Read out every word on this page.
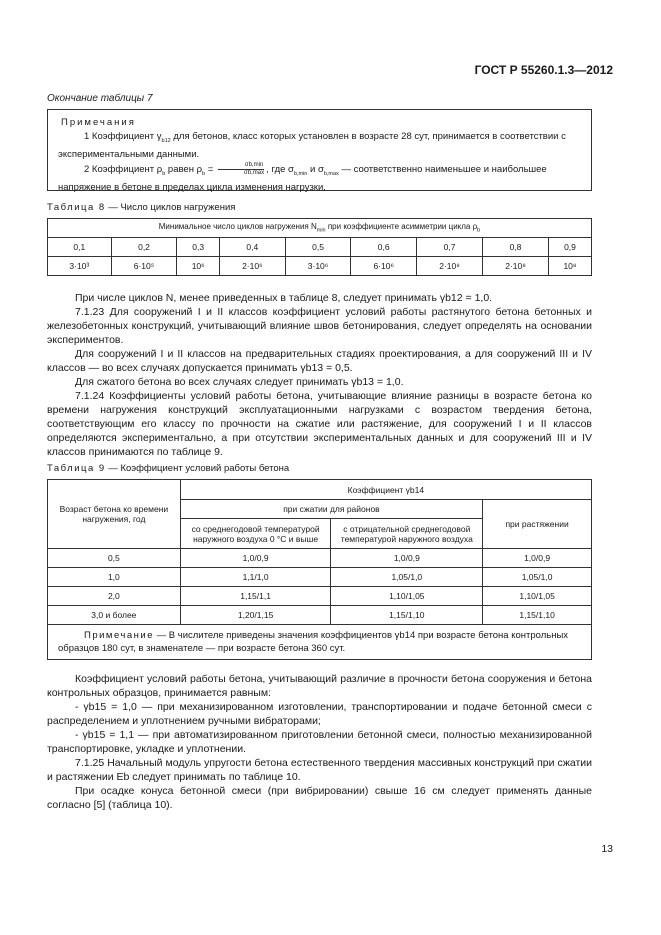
ГОСТ Р 55260.1.3—2012
Окончание таблицы 7
Примечания

1 Коэффициент $\gamma_{b12}$ для бетонов, класс которых установлен в возрасте 28 сут, принимается в соответствии с экспериментальными данными.

2 Коэффициент $\rho_b$ равен $\rho_b = \frac{\sigma b,\min}{\sigma b,\max}$ , где $\sigma_{b,min}$ и $\sigma_{b,max}$ — соответственно наименьшее и наибольшее напряжение в бетоне в пределах цикла изменения нагрузки.

Таблица 8 — Число циклов нагружения
Минимальное число циклов нагружения $N_{min}$ при коэффициенте асимметрии цикла $\rho_b$
0,1	0,2	0,3	0,4	0,5	0,6	0,7	0,8	0,9
3·10³	6·10⁵	10⁶	2·10⁶	3·10⁶	6·10⁶	2·10⁸	2·10⁸	10⁸

При числе циклов N, менее приведенных в таблице 8, следует принимать γb12 = 1,0.

7.1.23 Для сооружений I и II классов коэффициент условий работы растянутого бетона бетонных и железобетонных конструкций, учитывающий влияние швов бетонирования, следует определять на основании экспериментов.

Для сооружений I и II классов на предварительных стадиях проектирования, а для сооружений III и IV классов — во всех случаях допускается принимать γb13 = 0,5.

Для сжатого бетона во всех случаях следует принимать γb13 = 1,0.

7.1.24 Коэффициенты условий работы бетона, учитывающие влияние разницы в возрасте бетона ко времени нагружения конструкций эксплуатационными нагрузками с возрастом твердения бетона, соответствующим его классу по прочности на сжатие или растяжение, для сооружений I и II классов определяются экспериментально, а при отсутствии экспериментальных данных и для сооружений III и IV классов принимаются по таблице 9.

Таблица 9 — Коэффициент условий работы бетона
Возраст бетона ко времени нагружения, год	Коэффициент γb14		
	при сжатии для районов		при растяжении
	со среднегодовой температурой наружного воздуха 0 °С и выше	с отрицательной среднегодовой температурой наружного воздуха	
0,5	1,0/0,9	1,0/0,9	1,0/0,9
1,0	1,1/1,0	1,05/1,0	1,05/1,0
2,0	1,15/1,1	1,10/1,05	1,10/1,05
3,0 и более	1,20/1,15	1,15/1,10	1,15/1,10
Примечание — В числителе приведены значения коэффициентов γb14 при возрасте бетона контрольных образцов 180 сут, в знаменателе — при возрасте бетона 360 сут.			

Коэффициент условий работы бетона, учитывающий различие в прочности бетона сооружения и бетона контрольных образцов, принимается равным:

- γb15 = 1,0 — при механизированном изготовлении, транспортировании и подаче бетонной смеси с распределением и уплотнением ручными вибраторами;

- γb15 = 1,1 — при автоматизированном приготовлении бетонной смеси, полностью механизированной транспортировке, укладке и уплотнении.

7.1.25 Начальный модуль упругости бетона естественного твердения массивных конструкций при сжатии и растяжении Eb следует принимать по таблице 10.

При осадке конуса бетонной смеси (при вибрировании) свыше 16 см следует применять данные согласно [5] (таблица 10).

13
